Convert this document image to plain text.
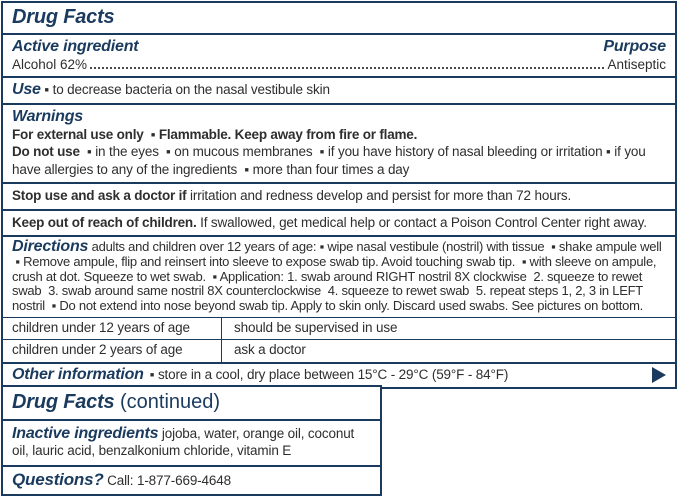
Drug Facts
Active ingredient	Purpose
Alcohol 62%	Antiseptic

Use ▪ to decrease bacteria on the nasal vestibule skin

Warnings

For external use only  ▪ Flammable. Keep away from fire or flame.

Do not use  ▪ in the eyes  ▪ on mucous membranes  ▪ if you have history of nasal bleeding or irritation ▪ if you have allergies to any of the ingredients  ▪ more than four times a day

Stop use and ask a doctor if irritation and redness develop and persist for more than 72 hours.

Keep out of reach of children. If swallowed, get medical help or contact a Poison Control Center right away.

Directions adults and children over 12 years of age: ▪ wipe nasal vestibule (nostril) with tissue  ▪ shake ampule well  ▪ Remove ampule, flip and reinsert into sleeve to expose swab tip. Avoid touching swab tip.  ▪ with sleeve on ampule, crush at dot. Squeeze to wet swab.  ▪ Application: 1. swab around RIGHT nostril 8X clockwise  2. squeeze to rewet swab  3. swab around same nostril 8X counterclockwise  4. squeeze to rewet swab  5. repeat steps 1, 2, 3 in LEFT nostril  ▪ Do not extend into nose beyond swab tip. Apply to skin only. Discard used swabs. See pictures on bottom.

children under 12 years of age	should be supervised in use
children under 2 years of age	ask a doctor
Other information ▪ store in a cool, dry place between 15°C - 29°C (59°F - 84°F)
Drug Facts (continued)

Inactive ingredients jojoba, water, orange oil, coconut oil, lauric acid, benzalkonium chloride, vitamin E

Questions? Call: 1-877-669-4648
